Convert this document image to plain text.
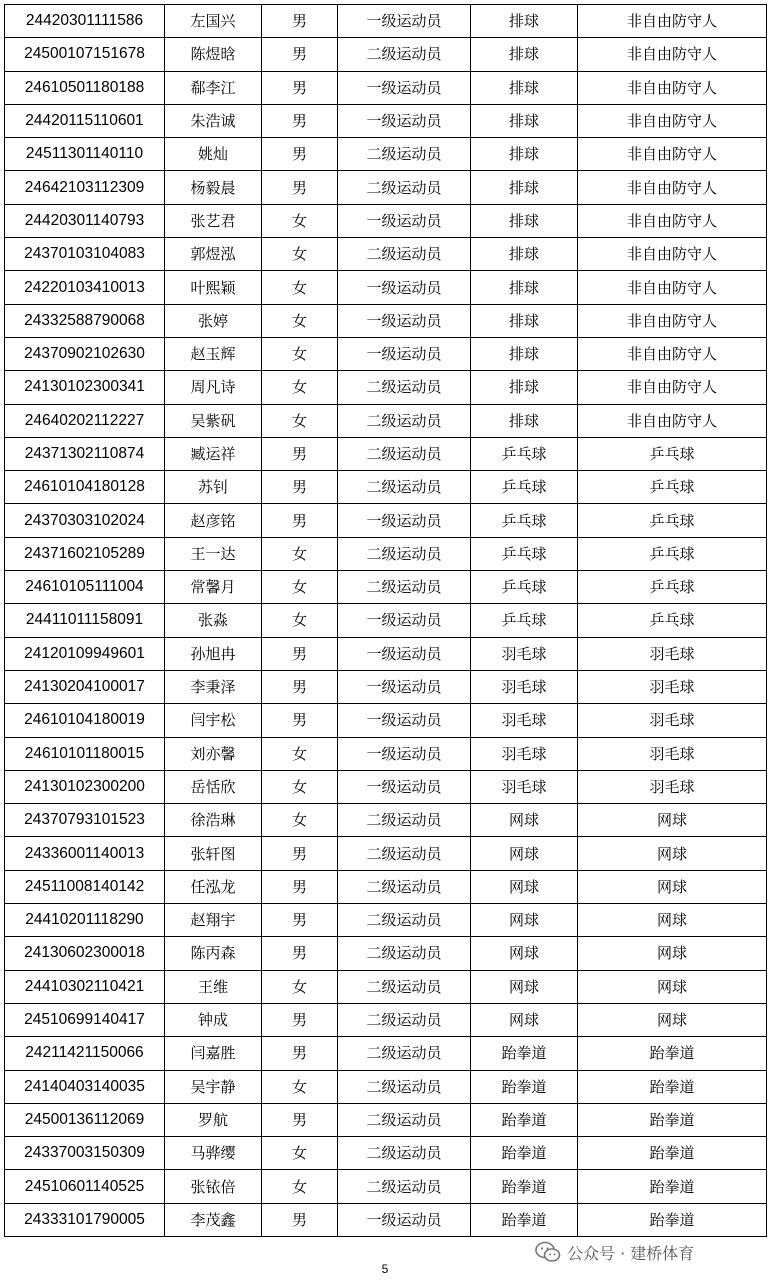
24420301111586	左国兴	男	一级运动员	排球	非自由防守人
24500107151678	陈煜晗	男	二级运动员	排球	非自由防守人
24610501180188	郗李江	男	一级运动员	排球	非自由防守人
24420115110601	朱浩诚	男	一级运动员	排球	非自由防守人
24511301140110	姚灿	男	二级运动员	排球	非自由防守人
24642103112309	杨毅晨	男	二级运动员	排球	非自由防守人
24420301140793	张艺君	女	一级运动员	排球	非自由防守人
24370103104083	郭煜泓	女	二级运动员	排球	非自由防守人
24220103410013	叶熙颖	女	一级运动员	排球	非自由防守人
24332588790068	张婷	女	一级运动员	排球	非自由防守人
24370902102630	赵玉辉	女	一级运动员	排球	非自由防守人
24130102300341	周凡诗	女	二级运动员	排球	非自由防守人
24640202112227	吴紫矾	女	二级运动员	排球	非自由防守人
24371302110874	臧运祥	男	二级运动员	乒乓球	乒乓球
24610104180128	苏钊	男	二级运动员	乒乓球	乒乓球
24370303102024	赵彦铭	男	一级运动员	乒乓球	乒乓球
24371602105289	王一达	女	二级运动员	乒乓球	乒乓球
24610105111004	常馨月	女	二级运动员	乒乓球	乒乓球
24411011158091	张淼	女	一级运动员	乒乓球	乒乓球
24120109949601	孙旭冉	男	一级运动员	羽毛球	羽毛球
24130204100017	李秉泽	男	一级运动员	羽毛球	羽毛球
24610104180019	闫宇松	男	一级运动员	羽毛球	羽毛球
24610101180015	刘亦馨	女	一级运动员	羽毛球	羽毛球
24130102300200	岳恬欣	女	一级运动员	羽毛球	羽毛球
24370793101523	徐浩琳	女	二级运动员	网球	网球
24336001140013	张轩图	男	二级运动员	网球	网球
24511008140142	任泓龙	男	二级运动员	网球	网球
24410201118290	赵翔宇	男	二级运动员	网球	网球
24130602300018	陈丙森	男	二级运动员	网球	网球
24410302110421	王维	女	二级运动员	网球	网球
24510699140417	钟成	男	二级运动员	网球	网球
24211421150066	闫嘉胜	男	二级运动员	跆拳道	跆拳道
24140403140035	吴宇静	女	二级运动员	跆拳道	跆拳道
24500136112069	罗航	男	二级运动员	跆拳道	跆拳道
24337003150309	马骅缨	女	二级运动员	跆拳道	跆拳道
24510601140525	张铱倍	女	二级运动员	跆拳道	跆拳道
24333101790005	李茂鑫	男	一级运动员	跆拳道	跆拳道
公众号 · 建桥体育
5
